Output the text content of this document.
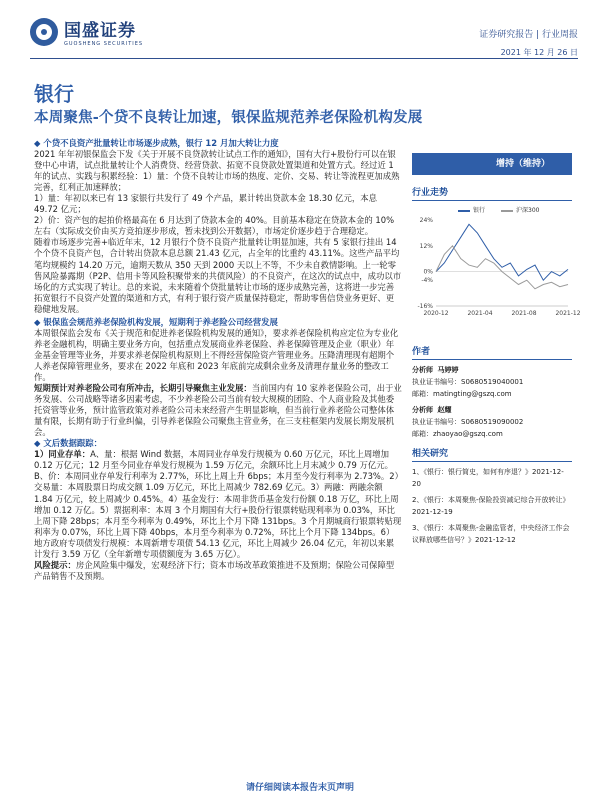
国盛证券
GUOSHENG SECURITIES
证券研究报告 | 行业周报
2021 年 12 月 26 日
银行
本周聚焦-个贷不良转让加速，银保监规范养老保险机构发展

◆ 个贷不良资产批量转让市场逐步成熟，银行 12 月加大转让力度

2021 年年初银保监会下发《关于开展不良贷款转让试点工作的通知》，国有大行+股份行可以在银登中心申请，试点批量转让个人消费贷、经营贷款、拓宽不良贷款处置渠道和处置方式。经过近 1 年的试点、实践与积累经验：1）量：个贷不良转让市场的热度、定价、交易、转让等流程更加成熟完善，红利正加速释放；

1）量：年初以来已有 13 家银行共发行了 49 个产品，累计转出贷款本金 18.30 亿元，本息 49.72 亿元；

2）价：资产包的起拍价格最高在 6 月达到了贷款本金的 40%。目前基本稳定在贷款本金的 10%左右（实际成交价由买方竞拍逐步形成，暂未找到公开数据），市场定价逐步趋于合理稳定。

随着市场逐步完善+临近年末，12 月银行个贷不良资产批量转让明显加速，共有 5 家银行挂出 14 个个贷不良资产包，合计转出贷款本息总额 21.43 亿元，占全年的比重约 43.11%。这些产品平均笔均规模约 14.20 万元，逾期天数从 350 天到 2000 天以上不等，不少未自救情影响。上一轮零售风险暴露期（P2P、信用卡等风险积聚带来的共债风险）的不良资产，在这次的试点中，成功以市场化的方式实现了转让。总的来说，未来随着个贷批量转让市场的逐步成熟完善，这将进一步完善拓宽银行不良资产处置的渠道和方式，有利于银行资产质量保持稳定，帮助零售信贷业务更好、更稳健地发展。

◆ 银保监会规范养老保险机构发展，短期利于养老险公司经营发展

本周银保监会发布《关于规范和促进养老保险机构发展的通知》，要求养老保险机构应定位为专业化养老金融机构，明确主要业务方向，包括重点发展商业养老保险、养老保障管理及企业（职业）年金基金管理等业务，并要求养老保险机构原则上不得经营保险资产管理业务。压降清理现有超期个人养老保障管理业务，要求在 2022 年底和 2023 年底前完成剩余业务及清理存量业务的整改工作。

短期预计对养老险公司有所冲击，长期引导聚焦主业发展：当前国内有 10 家养老保险公司，出于业务发展、公司战略等诸多因素考虑，不少养老险公司当前有较大规模的团险、个人商业险及其他委托资管等业务，预计监管政策对养老险公司未来经营产生明显影响，但当前行业养老险公司整体体量有限，长期有助于行业纠偏，引导养老保险公司聚焦主营业务，在三支柱框架内发展长期发展机会。

◆ 文后数据跟踪：

1）同业存单：A、量：根据 Wind 数据，本周同业存单发行规模为 0.60 万亿元，环比上周增加 0.12 万亿元；12 月至今同业存单发行规模为 1.59 万亿元，余额环比上月末减少 0.79 万亿元。B、价：本周同业存单发行利率为 2.77%，环比上周上升 6bps；本月至今发行利率为 2.73%。2）交易量：本周股票日均成交额 1.09 万亿元，环比上周减少 782.69 亿元。3）两融：两融余额 1.84 万亿元，较上周减少 0.45%。4）基金发行：本周非货币基金发行份额 0.18 万亿，环比上周增加 0.12 万亿。5）票据利率：本周 3 个月期国有大行+股份行银票转贴现利率为 0.03%，环比上周下降 28bps；本月至今利率为 0.49%，环比上个月下降 131bps。3 个月期城商行银票转贴现利率为 0.07%，环比上周下降 40bps，本月至今利率为 0.72%，环比上个月下降 134bps。6）地方政府专项债发行规模：本周新增专项债 54.13 亿元，环比上周减少 26.04 亿元，年初以来累计发行 3.59 万亿（全年新增专项债额度为 3.65 万亿）。

风险提示：房企风险集中爆发，宏观经济下行；资本市场改革政策推进不及预期；保险公司保障型产品销售不及预期。

增持（维持）
行业走势
银行	沪深300
24%
12%
0%
-4%
-16%
2020-12	2021-04	2021-08	2021-12
作者
分析师 马婷婷
执业证书编号：S0680519040001
邮箱：matingting@gszq.com
分析师 赵耀
执业证书编号：S0680519090002
邮箱：zhaoyao@gszq.com
相关研究
1、《银行：银行简史，如何有序退？》2021-12-20
2、《银行：本周聚焦-保险投资减记综合开放转让》2021-12-19
3、《银行：本周聚焦-金融监管者，中央经济工作会议释放哪些信号？》2021-12-12
请仔细阅读本报告末页声明
